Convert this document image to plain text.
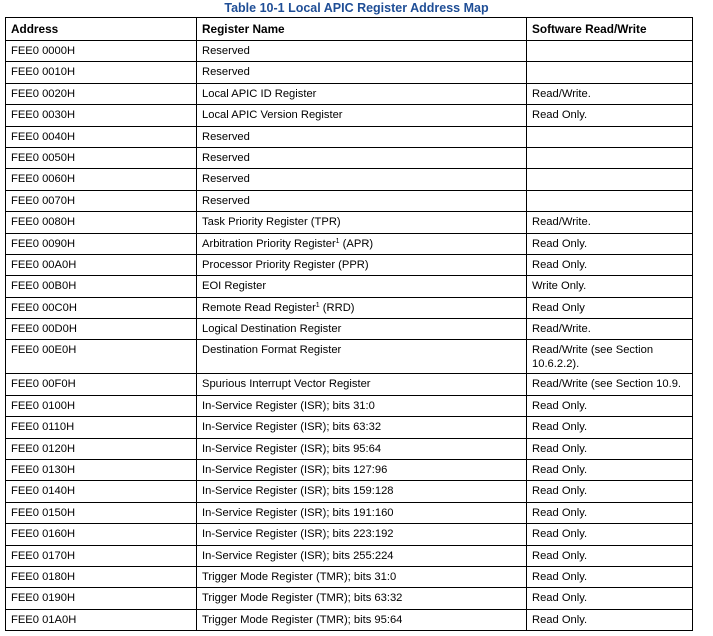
Table 10-1 Local APIC Register Address Map
Address	Register Name	Software Read/Write
FEE0 0000H	Reserved	
FEE0 0010H	Reserved	
FEE0 0020H	Local APIC ID Register	Read/Write.
FEE0 0030H	Local APIC Version Register	Read Only.
FEE0 0040H	Reserved	
FEE0 0050H	Reserved	
FEE0 0060H	Reserved	
FEE0 0070H	Reserved	
FEE0 0080H	Task Priority Register (TPR)	Read/Write.
FEE0 0090H	Arbitration Priority Register$^1$ (APR)	Read Only.
FEE0 00A0H	Processor Priority Register (PPR)	Read Only.
FEE0 00B0H	EOI Register	Write Only.
FEE0 00C0H	Remote Read Register$^1$ (RRD)	Read Only
FEE0 00D0H	Logical Destination Register	Read/Write.
FEE0 00E0H	Destination Format Register	Read/Write (see Section 10.6.2.2).
FEE0 00F0H	Spurious Interrupt Vector Register	Read/Write (see Section 10.9.
FEE0 0100H	In-Service Register (ISR); bits 31:0	Read Only.
FEE0 0110H	In-Service Register (ISR); bits 63:32	Read Only.
FEE0 0120H	In-Service Register (ISR); bits 95:64	Read Only.
FEE0 0130H	In-Service Register (ISR); bits 127:96	Read Only.
FEE0 0140H	In-Service Register (ISR); bits 159:128	Read Only.
FEE0 0150H	In-Service Register (ISR); bits 191:160	Read Only.
FEE0 0160H	In-Service Register (ISR); bits 223:192	Read Only.
FEE0 0170H	In-Service Register (ISR); bits 255:224	Read Only.
FEE0 0180H	Trigger Mode Register (TMR); bits 31:0	Read Only.
FEE0 0190H	Trigger Mode Register (TMR); bits 63:32	Read Only.
FEE0 01A0H	Trigger Mode Register (TMR); bits 95:64	Read Only.
